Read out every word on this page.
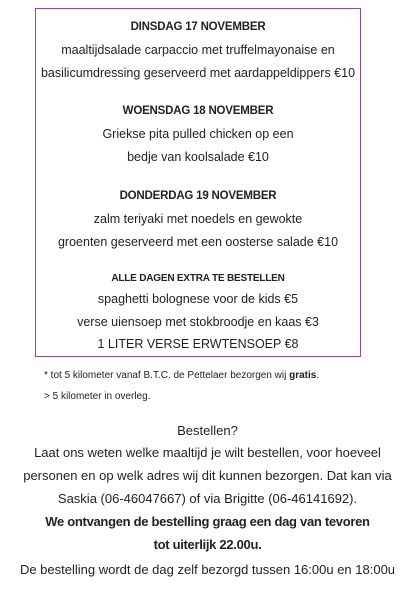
DINSDAG 17 NOVEMBER
maaltijdsalade carpaccio met truffelmayonaise en
basilicumdressing geserveerd met aardappeldippers €10
WOENSDAG 18 NOVEMBER
Griekse pita pulled chicken op een
bedje van koolsalade €10
DONDERDAG 19 NOVEMBER
zalm teriyaki met noedels en gewokte
groenten geserveerd met een oosterse salade €10
ALLE DAGEN EXTRA TE BESTELLEN
spaghetti bolognese voor de kids €5
verse uiensoep met stokbroodje en kaas €3
1 LITER VERSE ERWTENSOEP €8
* tot 5 kilometer vanaf B.T.C. de Pettelaer bezorgen wij gratis.
> 5 kilometer in overleg.
Bestellen?
Laat ons weten welke maaltijd je wilt bestellen, voor hoeveel
personen en op welk adres wij dit kunnen bezorgen. Dat kan via
Saskia (06-46047667) of via Brigitte (06-46141692).
We ontvangen de bestelling graag een dag van tevoren
tot uiterlijk 22.00u.
De bestelling wordt de dag zelf bezorgd tussen 16:00u en 18:00u
